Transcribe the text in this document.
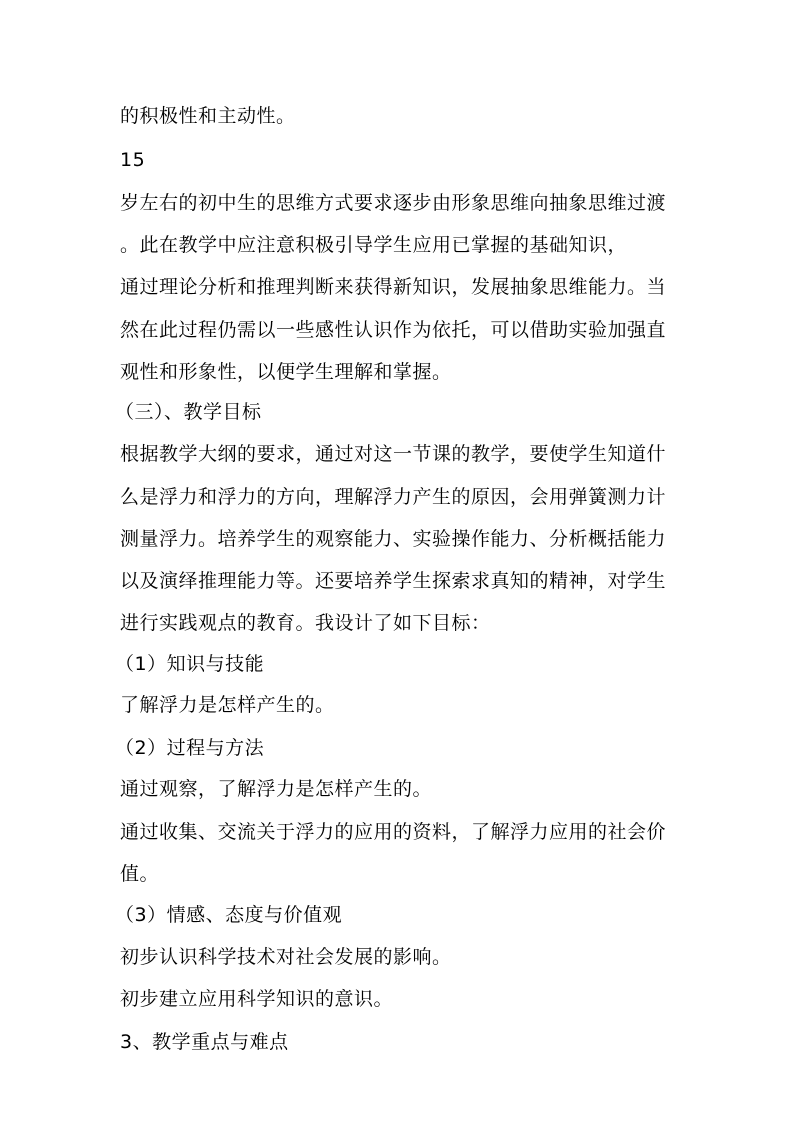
的积极性和主动性。
15
岁左右的初中生的思维方式要求逐步由形象思维向抽象思维过渡
。此在教学中应注意积极引导学生应用已掌握的基础知识，
通过理论分析和推理判断来获得新知识，发展抽象思维能力。当
然在此过程仍需以一些感性认识作为依托，可以借助实验加强直
观性和形象性，以便学生理解和掌握。
（三）、教学目标
根据教学大纲的要求，通过对这一节课的教学，要使学生知道什
么是浮力和浮力的方向，理解浮力产生的原因，会用弹簧测力计
测量浮力。培养学生的观察能力、实验操作能力、分析概括能力
以及演绎推理能力等。还要培养学生探索求真知的精神，对学生
进行实践观点的教育。我设计了如下目标：
（1）知识与技能
了解浮力是怎样产生的。
（2）过程与方法
通过观察，了解浮力是怎样产生的。
通过收集、交流关于浮力的应用的资料，了解浮力应用的社会价
值。
（3）情感、态度与价值观
初步认识科学技术对社会发展的影响。
初步建立应用科学知识的意识。
3、教学重点与难点
